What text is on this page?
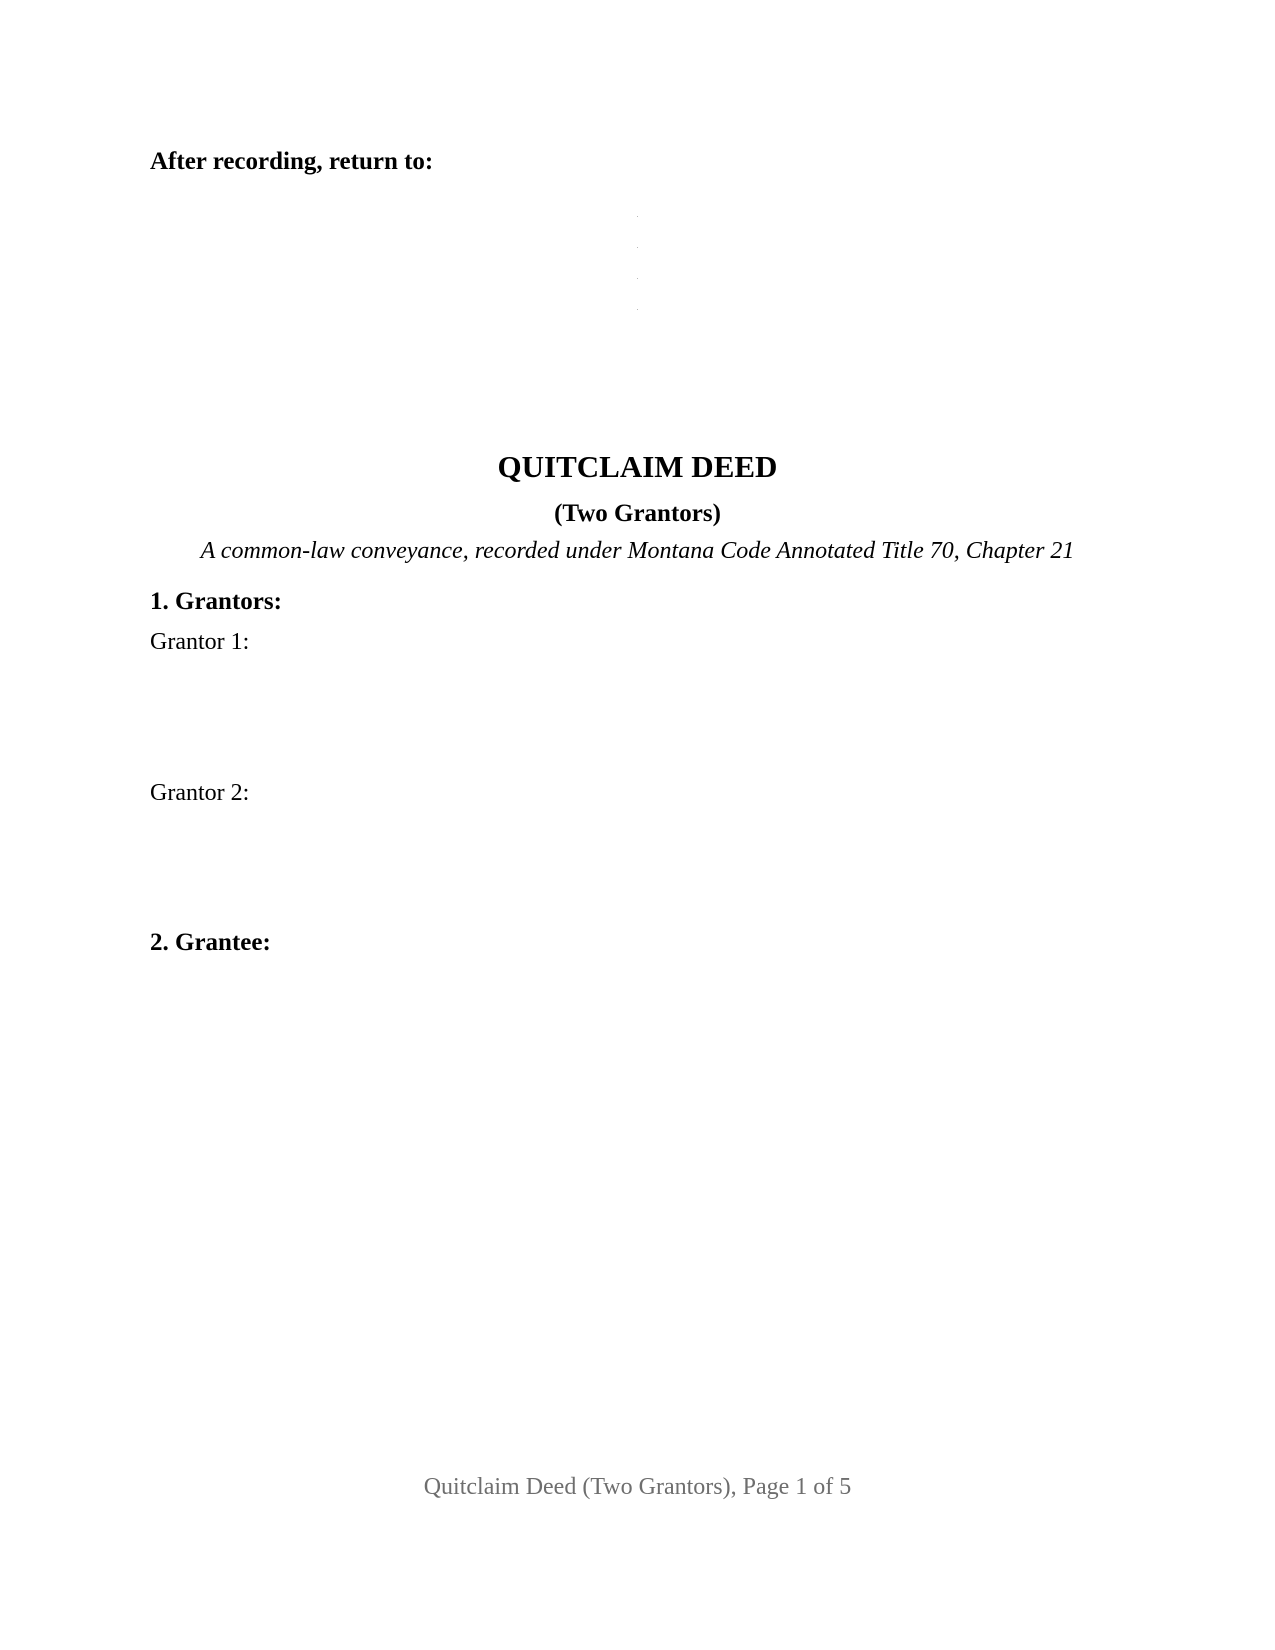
After recording, return to:
QUITCLAIM DEED
(Two Grantors)
A common-law conveyance, recorded under Montana Code Annotated Title 70, Chapter 21
1. Grantors:
Grantor 1:
Grantor 2:
2. Grantee:
Quitclaim Deed (Two Grantors), Page 1 of 5
